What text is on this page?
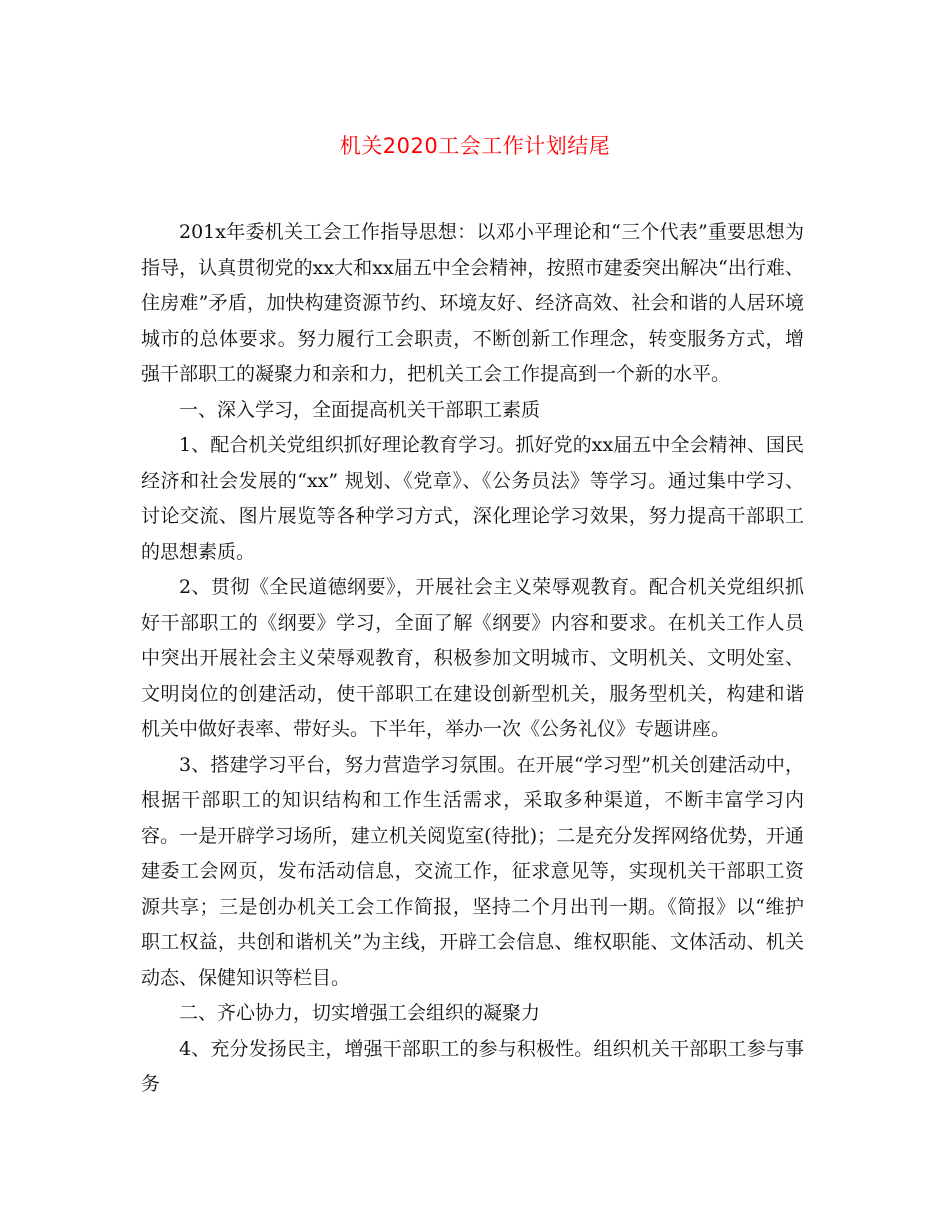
机关2020工会工作计划结尾

201x年委机关工会工作指导思想：以邓小平理论和“三个代表”重要思想为指导，认真贯彻党的xx大和xx届五中全会精神，按照市建委突出解决“出行难、住房难”矛盾，加快构建资源节约、环境友好、经济高效、社会和谐的人居环境城市的总体要求。努力履行工会职责，不断创新工作理念，转变服务方式，增强干部职工的凝聚力和亲和力，把机关工会工作提高到一个新的水平。

一、深入学习，全面提高机关干部职工素质

1、配合机关党组织抓好理论教育学习。抓好党的xx届五中全会精神、国民经济和社会发展的“xx” 规划、《党章》、《公务员法》等学习。通过集中学习、讨论交流、图片展览等各种学习方式，深化理论学习效果，努力提高干部职工的思想素质。

2、贯彻《全民道德纲要》，开展社会主义荣辱观教育。配合机关党组织抓好干部职工的《纲要》学习，全面了解《纲要》内容和要求。在机关工作人员中突出开展社会主义荣辱观教育，积极参加文明城市、文明机关、文明处室、文明岗位的创建活动，使干部职工在建设创新型机关，服务型机关，构建和谐机关中做好表率、带好头。下半年，举办一次《公务礼仪》专题讲座。

3、搭建学习平台，努力营造学习氛围。在开展“学习型”机关创建活动中，根据干部职工的知识结构和工作生活需求，采取多种渠道，不断丰富学习内容。一是开辟学习场所，建立机关阅览室(待批)；二是充分发挥网络优势，开通建委工会网页，发布活动信息，交流工作，征求意见等，实现机关干部职工资源共享；三是创办机关工会工作简报，坚持二个月出刊一期。《简报》以“维护职工权益，共创和谐机关”为主线，开辟工会信息、维权职能、文体活动、机关动态、保健知识等栏目。

二、齐心协力，切实增强工会组织的凝聚力

4、充分发扬民主，增强干部职工的参与积极性。组织机关干部职工参与事务
